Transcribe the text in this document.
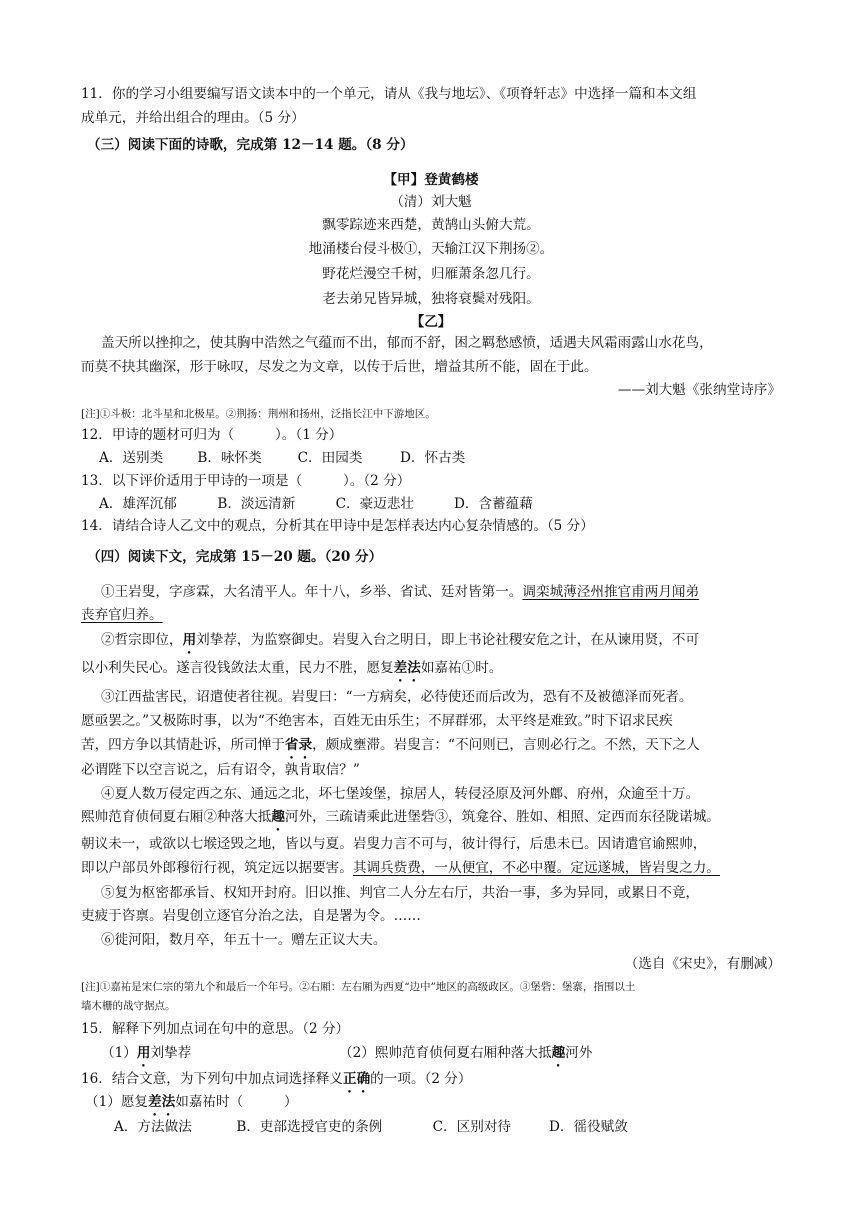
11．你的学习小组要编写语文读本中的一个单元，请从《我与地坛》、《项脊轩志》中选择一篇和本文组
成单元，并给出组合的理由。（5 分）
（三）阅读下面的诗歌，完成第 12－14 题。（8 分）
【甲】登黄鹤楼
（清）刘大魁
飘零踪迹来西楚，黄鹄山头俯大荒。
地涌楼台侵斗极①，天输江汉下荆扬②。
野花烂漫空千树，归雁萧条忽几行。
老去弟兄皆异城，独将衰鬓对残阳。
【乙】
盖天所以挫抑之，使其胸中浩然之气蕴而不出，郁而不舒，困之羁愁感愤，适遇夫风霜雨露山水花鸟，
而莫不抉其幽深，形于咏叹，尽发之为文章，以传于后世，增益其所不能，固在于此。
——刘大魁《张纳堂诗序》
[注]①斗极：北斗星和北极星。②荆扬：荆州和扬州，泛指长江中下游地区。
12．甲诗的题材可归为（　　　）。（1 分）
A．送别类	B．咏怀类	C．田园类	D．怀古类
13．以下评价适用于甲诗的一项是（　　　）。（2 分）
A．雄浑沉郁	B．淡远清新	C．豪迈悲壮	D．含蓄蕴藉
14．请结合诗人乙文中的观点，分析其在甲诗中是怎样表达内心复杂情感的。（5 分）
（四）阅读下文，完成第 15－20 题。（20 分）
①王岩叟，字彦霖，大名清平人。年十八，乡举、省试、廷对皆第一。调栾城薄泾州推官甫两月闻弟
丧弃官归养。
②哲宗即位，用刘挚荐，为监察御史。岩叟入台之明日，即上书论社稷安危之计，在从谏用贤，不可
以小利失民心。遂言役钱敛法太重，民力不胜，愿复差法如嘉祐①时。
③江西盐害民，诏遣使者往视。岩叟曰：“一方病矣，必待使还而后改为，恐有不及被德泽而死者。
愿亟罢之。”又极陈时事，以为“不绝害本，百姓无由乐生；不屏群邪，太平终是难致。”时下诏求民疾
苦，四方争以其情赴诉，所司惮于省录，颇成壅滞。岩叟言：“不问则已，言则必行之。不然，天下之人
必谓陛下以空言说之，后有诏令，孰肯取信？”
④夏人数万侵定西之东、通远之北，坏七堡竣堡，掠居人，转侵泾原及河外鄜、府州，众逾至十万。
熙帅范育侦伺夏右厢②种落大抵趣河外，三疏请乘此进堡砦③，筑龛谷、胜如、相照、定西而东径陇诺城。
朝议未一，或欲以七堠迳毁之地，皆以与夏。岩叟力言不可与，彼计得行，后患未已。因请遣官谕熙帅，
即以户部员外郎穆衍行视，筑定远以据要害。其调兵赀费，一从便宜，不必中覆。定远遂城，皆岩叟之力。
⑤复为枢密都承旨、权知开封府。旧以推、判官二人分左右厅，共治一事，多为异同，或累日不竟，
吏疲于咨禀。岩叟创立逐官分治之法，自是署为令。……
⑥徙河阳，数月卒，年五十一。赠左正议大夫。
（选自《宋史》，有删减）
[注]①嘉祐是宋仁宗的第九个和最后一个年号。②右厢：左右厢为西夏“边中”地区的高级政区。③堡砦：堡寨，指围以土
墙木栅的战守据点。
15．解释下列加点词在句中的意思。（2 分）
（1）用刘挚荐	（2）熙帅范育侦伺夏右厢种落大抵趣河外
16．结合文意，为下列句中加点词选择释义正确的一项。（2 分）
（1）愿复差法如嘉祐时（　　　）
A．方法做法	B．吏部选授官吏的条例	C．区别对待	D．徭役赋敛
